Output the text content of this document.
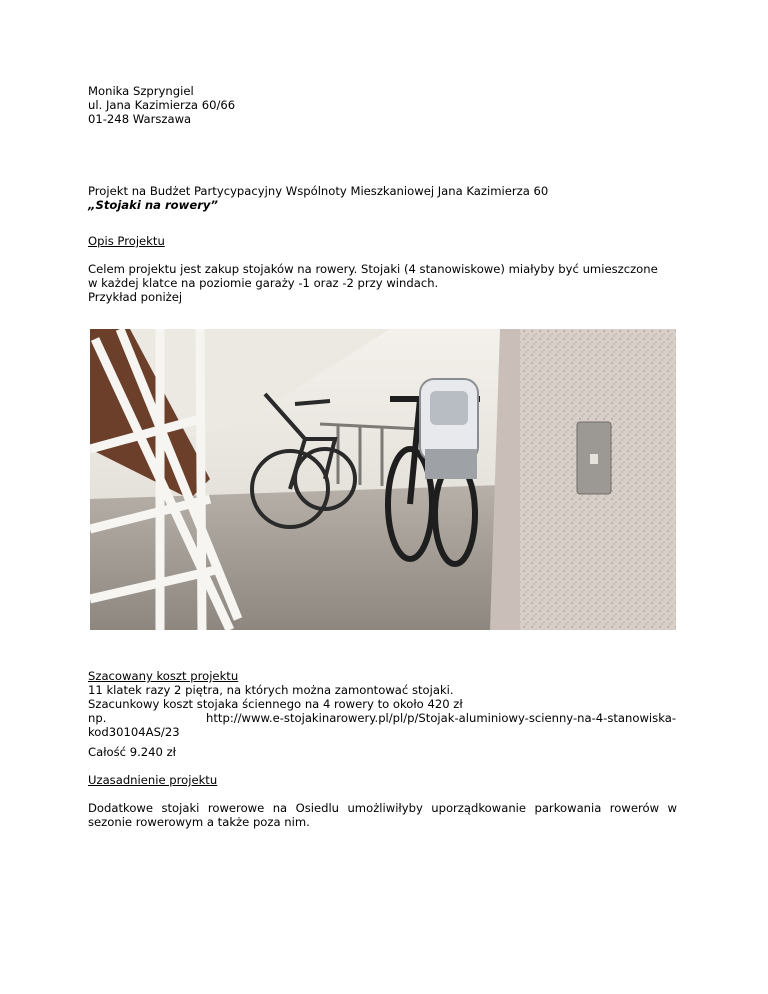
Monika Szpryngiel
ul. Jana Kazimierza 60/66
01-248 Warszawa
Projekt na Budżet Partycypacyjny Wspólnoty Mieszkaniowej Jana Kazimierza 60
„Stojaki na rowery”
Opis Projektu
Celem projektu jest zakup stojaków na rowery. Stojaki (4 stanowiskowe) miałyby być umieszczone
w każdej klatce na poziomie garaży -1 oraz -2 przy windach.
Przykład poniżej
Szacowany koszt projektu
11 klatek razy 2 piętra, na których można zamontować stojaki.
Szacunkowy koszt stojaka ściennego na 4 rowery to około 420 zł
np.	http://www.e-stojakinarowery.pl/pl/p/Stojak-aluminiowy-scienny-na-4-stanowiska-
kod30104AS/23
Całość 9.240 zł
Uzasadnienie projektu
Dodatkowe stojaki rowerowe na Osiedlu umożliwiłyby uporządkowanie parkowania rowerów w sezonie rowerowym a także poza nim.
